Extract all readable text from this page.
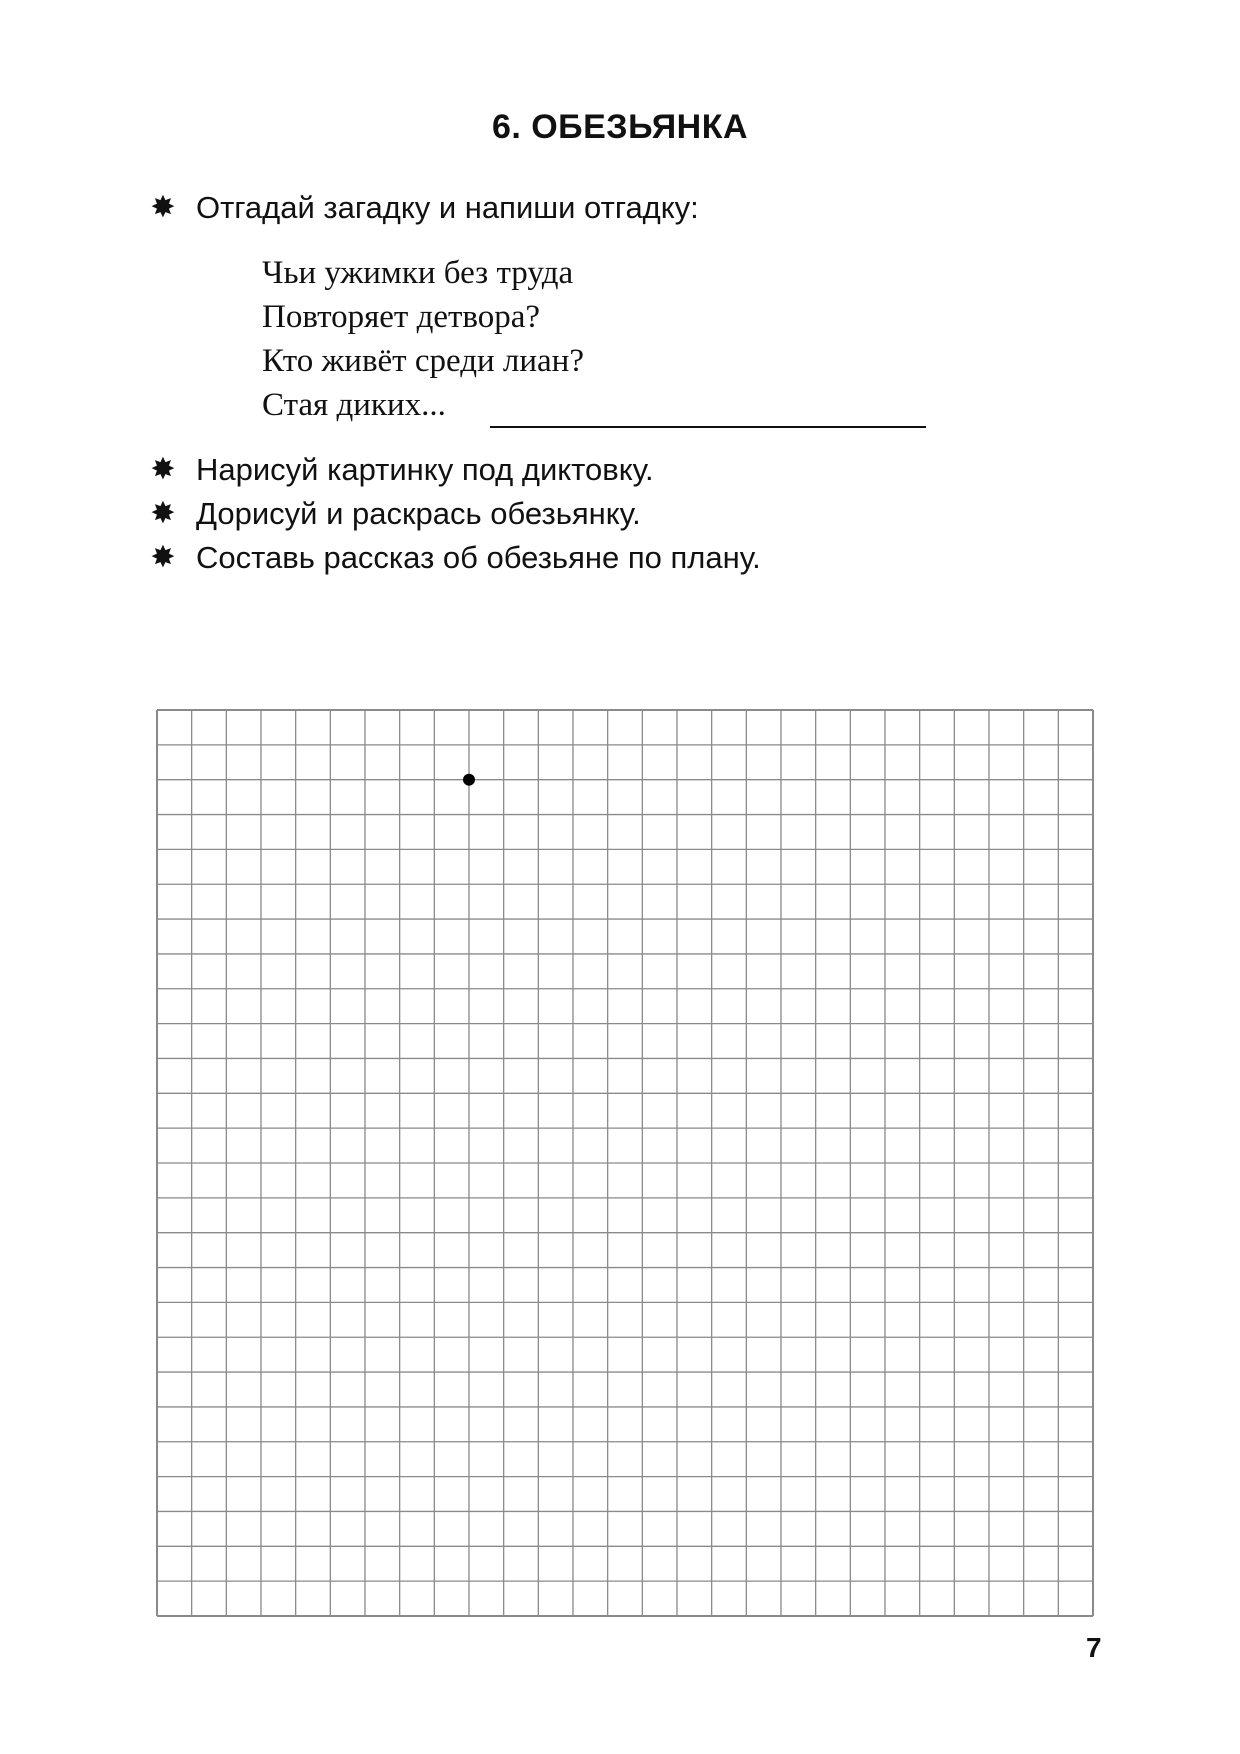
6. ОБЕЗЬЯНКА
✸ Отгадай загадку и напиши отгадку:
Чьи ужимки без труда
Повторяет детвора?
Кто живёт среди лиан?
Стая диких...
✸ Нарисуй картинку под диктовку.
✸ Дорисуй и раскрась обезьянку.
✸ Составь рассказ об обезьяне по плану.
7
